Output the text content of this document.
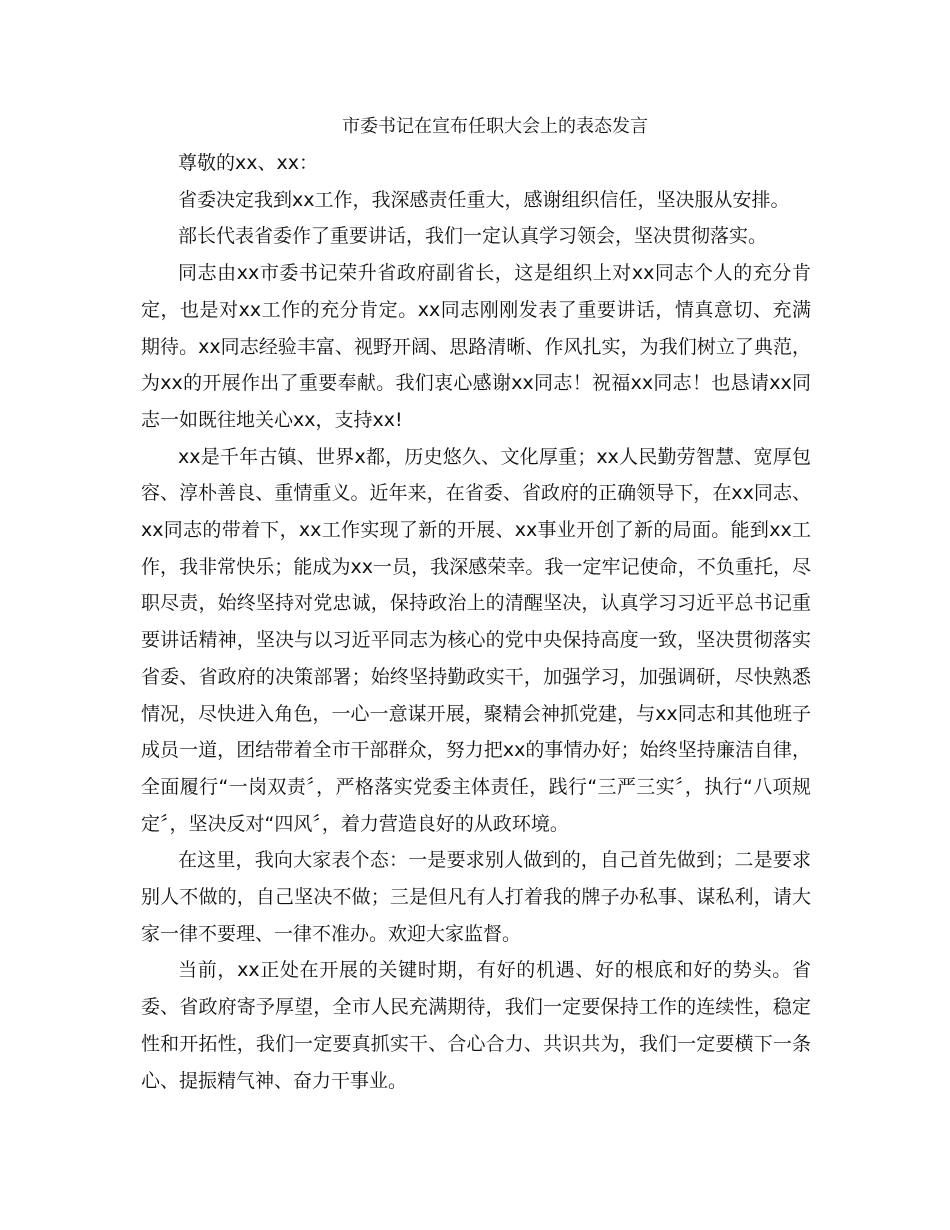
市委书记在宣布任职大会上的表态发言

尊敬的xx、xx：

省委决定我到xx工作，我深感责任重大，感谢组织信任，坚决服从安排。

部长代表省委作了重要讲话，我们一定认真学习领会，坚决贯彻落实。

同志由xx市委书记荣升省政府副省长，这是组织上对xx同志个人的充分肯定，也是对xx工作的充分肯定。xx同志刚刚发表了重要讲话，情真意切、充满期待。xx同志经验丰富、视野开阔、思路清晰、作风扎实，为我们树立了典范，为xx的开展作出了重要奉献。我们衷心感谢xx同志！祝福xx同志！也恳请xx同志一如既往地关心xx，支持xx!

xx是千年古镇、世界x都，历史悠久、文化厚重；xx人民勤劳智慧、宽厚包容、淳朴善良、重情重义。近年来，在省委、省政府的正确领导下，在xx同志、xx同志的带着下，xx工作实现了新的开展、xx事业开创了新的局面。能到xx工作，我非常快乐；能成为xx一员，我深感荣幸。我一定牢记使命，不负重托，尽职尽责，始终坚持对党忠诚，保持政治上的清醒坚决，认真学习习近平总书记重要讲话精神，坚决与以习近平同志为核心的党中央保持高度一致，坚决贯彻落实省委、省政府的决策部署；始终坚持勤政实干，加强学习，加强调研，尽快熟悉情况，尽快进入角色，一心一意谋开展，聚精会神抓党建，与xx同志和其他班子成员一道，团结带着全市干部群众，努力把xx的事情办好；始终坚持廉洁自律，全面履行“一岗双责〞，严格落实党委主体责任，践行“三严三实〞，执行“八项规定〞，坚决反对“四风〞，着力营造良好的从政环境。

在这里，我向大家表个态：一是要求别人做到的，自己首先做到；二是要求别人不做的，自己坚决不做；三是但凡有人打着我的牌子办私事、谋私利，请大家一律不要理、一律不准办。欢迎大家监督。

当前，xx正处在开展的关键时期，有好的机遇、好的根底和好的势头。省委、省政府寄予厚望，全市人民充满期待，我们一定要保持工作的连续性，稳定性和开拓性，我们一定要真抓实干、合心合力、共识共为，我们一定要横下一条心、提振精气神、奋力干事业。
